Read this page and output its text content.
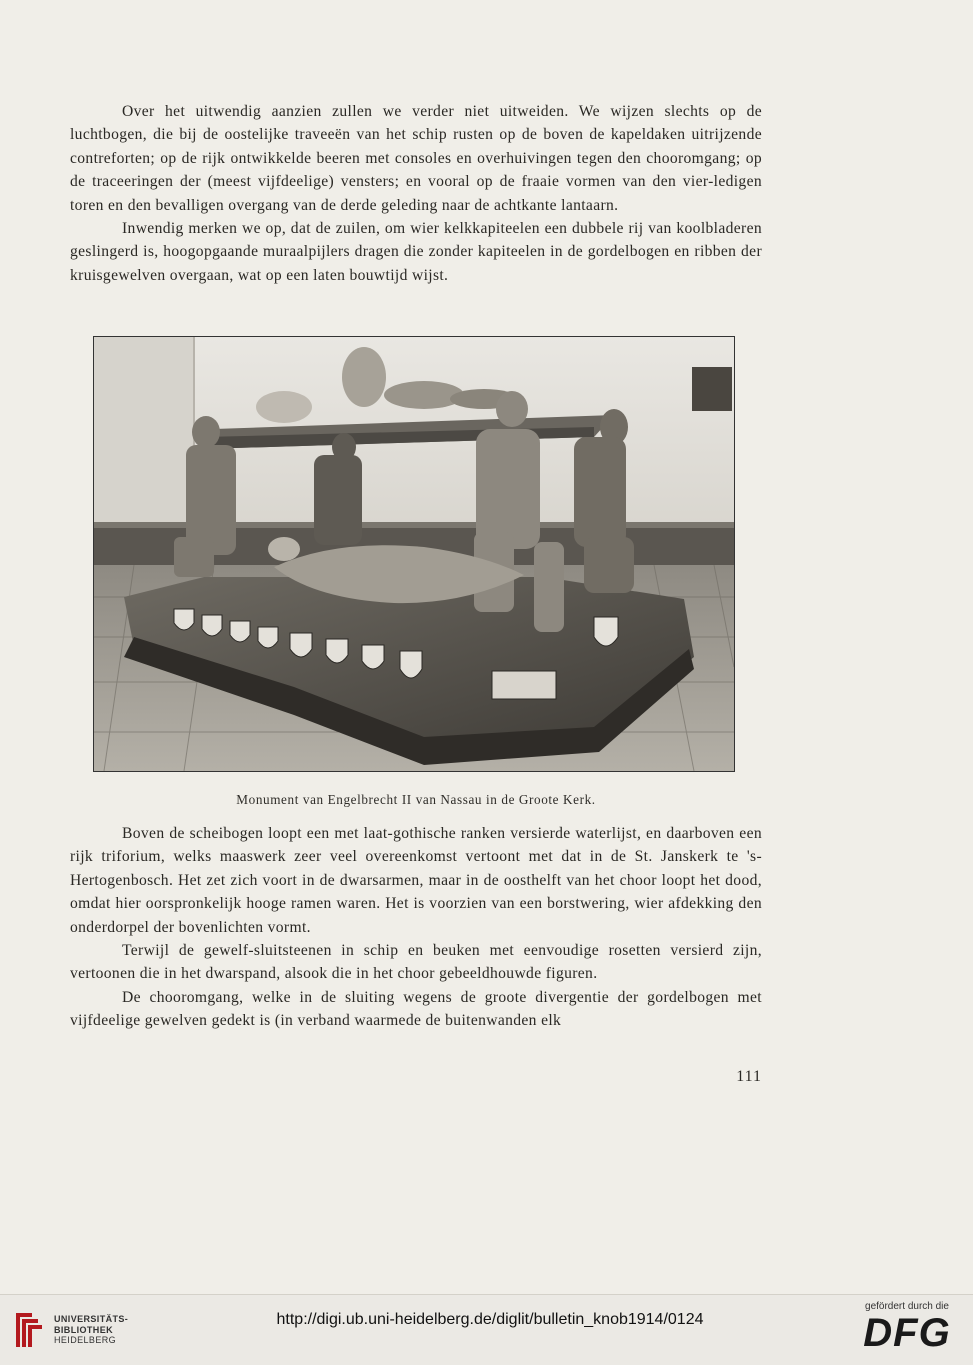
Over het uitwendig aanzien zullen we verder niet uitweiden. We wijzen slechts op de luchtbogen, die bij de oostelijke traveeën van het schip rusten op de boven de kapeldaken uitrijzende contreforten; op de rijk ontwikkelde beeren met consoles en overhuivingen tegen den chooromgang; op de traceeringen der (meest vijfdeelige) vensters; en vooral op de fraaie vormen van den vier-ledigen toren en den bevalligen overgang van de derde geleding naar de achtkante lantaarn.

Inwendig merken we op, dat de zuilen, om wier kelkkapiteelen een dubbele rij van koolbladeren geslingerd is, hoogopgaande muraalpijlers dragen die zonder kapiteelen in de gordelbogen en ribben der kruisgewelven overgaan, wat op een laten bouwtijd wijst.

Monument van Engelbrecht II van Nassau in de Groote Kerk.

Boven de scheibogen loopt een met laat-gothische ranken versierde waterlijst, en daarboven een rijk triforium, welks maaswerk zeer veel overeenkomst vertoont met dat in de St. Janskerk te 's-Hertogenbosch. Het zet zich voort in de dwarsarmen, maar in de oosthelft van het choor loopt het dood, omdat hier oorspronkelijk hooge ramen waren. Het is voorzien van een borstwering, wier afdekking den onderdorpel der bovenlichten vormt.

Terwijl de gewelf-sluitsteenen in schip en beuken met eenvoudige rosetten versierd zijn, vertoonen die in het dwarspand, alsook die in het choor gebeeldhouwde figuren.

De chooromgang, welke in de sluiting wegens de groote divergentie der gordelbogen met vijfdeelige gewelven gedekt is (in verband waarmede de buitenwanden elk

111
UNIVERSITÄTS-
BIBLIOTHEK
HEIDELBERG
http://digi.ub.uni-heidelberg.de/diglit/bulletin_knob1914/0124
gefördert durch die
DFG
